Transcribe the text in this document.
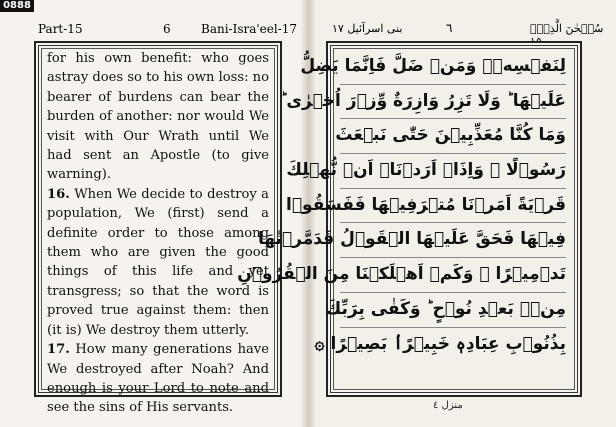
0888
Part-15	6	Bani-Isra'eel-17	بنی اسرآئیل ۱۷	٦	سُبۡحٰنَ الَّذِیۡۤ

for his own benefit: who goes astray does so to his own loss: no bearer of burdens can bear the burden of another: nor would We visit with Our Wrath until We had sent an Apostle (to give warning).

16. When We decide to destroy a population, We (first) send a definite order to those among them who are given the good things of this life and yet transgress; so that the word is proved true against them: then (it is) We destroy them utterly.

17. How many generations have We destroyed after Noah? And enough is your Lord to note and see the sins of His servants.

لِنَفۡسِهٖۚ وَمَنۡ ضَلَّ فَاِنَّمَا يَضِلُّ
عَلَيۡهَا ؕ وَلَا تَزِرُ وَازِرَةٌ وِّزۡرَ اُخۡرٰى ؕ
وَمَا كُنَّا مُعَذِّبِيۡنَ حَتّٰى نَبۡعَثَ
رَسُوۡلًا ۞ وَاِذَاۤ اَرَدۡنَاۤ اَنۡ نُّهۡلِكَ
قَرۡيَةً اَمَرۡنَا مُتۡرَفِيۡهَا فَفَسَقُوۡا
فِيۡهَا فَحَقَّ عَلَيۡهَا الۡقَوۡلُ فَدَمَّرۡنٰهَا
تَدۡمِيۡرًا ۞ وَكَمۡ اَهۡلَكۡنَا مِنَ الۡقُرُوۡنِ
مِنۡۢ بَعۡدِ نُوۡحٍ ؕ وَكَفٰى بِرَبِّكَ
بِذُنُوۡبِ عِبَادِهٖ خَبِيۡرًاۢ بَصِيۡرًا ۞
منزل ٤
